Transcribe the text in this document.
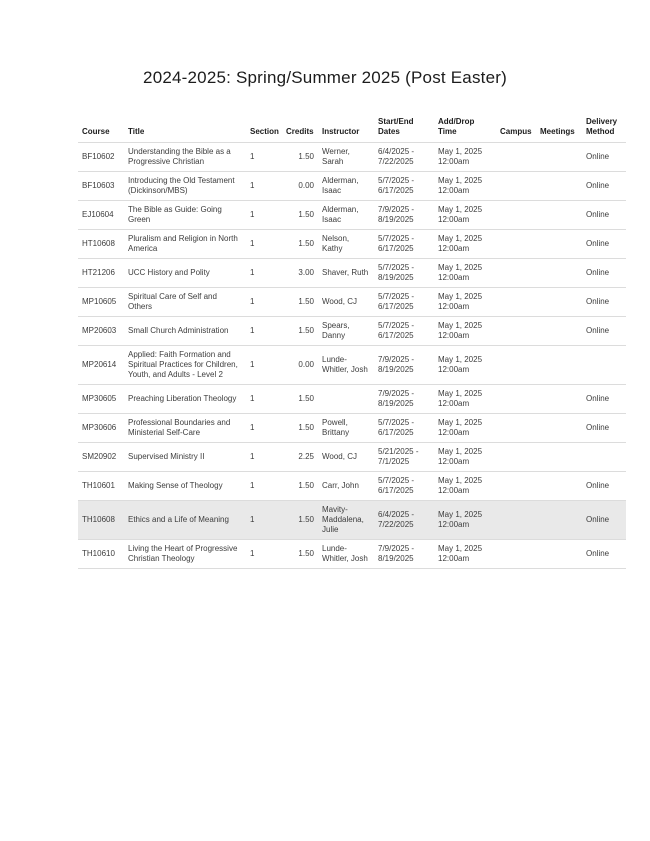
2024-2025: Spring/Summer 2025 (Post Easter)
Course	Title	Section	Credits	Instructor	Start/End Dates	Add/Drop Time	Campus	Meetings	Delivery Method
BF10602	Understanding the Bible as a Progressive Christian	1	1.50	Werner, Sarah	6/4/2025 - 7/22/2025	May 1, 2025 12:00am			Online
BF10603	Introducing the Old Testament (Dickinson/MBS)	1	0.00	Alderman, Isaac	5/7/2025 - 6/17/2025	May 1, 2025 12:00am			Online
EJ10604	The Bible as Guide: Going Green	1	1.50	Alderman, Isaac	7/9/2025 - 8/19/2025	May 1, 2025 12:00am			Online
HT10608	Pluralism and Religion in North America	1	1.50	Nelson, Kathy	5/7/2025 - 6/17/2025	May 1, 2025 12:00am			Online
HT21206	UCC History and Polity	1	3.00	Shaver, Ruth	5/7/2025 - 8/19/2025	May 1, 2025 12:00am			Online
MP10605	Spiritual Care of Self and Others	1	1.50	Wood, CJ	5/7/2025 - 6/17/2025	May 1, 2025 12:00am			Online
MP20603	Small Church Administration	1	1.50	Spears, Danny	5/7/2025 - 6/17/2025	May 1, 2025 12:00am			Online
MP20614	Applied: Faith Formation and Spiritual Practices for Children, Youth, and Adults - Level 2	1	0.00	Lunde-Whitler, Josh	7/9/2025 - 8/19/2025	May 1, 2025 12:00am			
MP30605	Preaching Liberation Theology	1	1.50		7/9/2025 - 8/19/2025	May 1, 2025 12:00am			Online
MP30606	Professional Boundaries and Ministerial Self-Care	1	1.50	Powell, Brittany	5/7/2025 - 6/17/2025	May 1, 2025 12:00am			Online
SM20902	Supervised Ministry II	1	2.25	Wood, CJ	5/21/2025 - 7/1/2025	May 1, 2025 12:00am			
TH10601	Making Sense of Theology	1	1.50	Carr, John	5/7/2025 - 6/17/2025	May 1, 2025 12:00am			Online
TH10608	Ethics and a Life of Meaning	1	1.50	Mavity-Maddalena, Julie	6/4/2025 - 7/22/2025	May 1, 2025 12:00am			Online
TH10610	Living the Heart of Progressive Christian Theology	1	1.50	Lunde-Whitler, Josh	7/9/2025 - 8/19/2025	May 1, 2025 12:00am			Online
